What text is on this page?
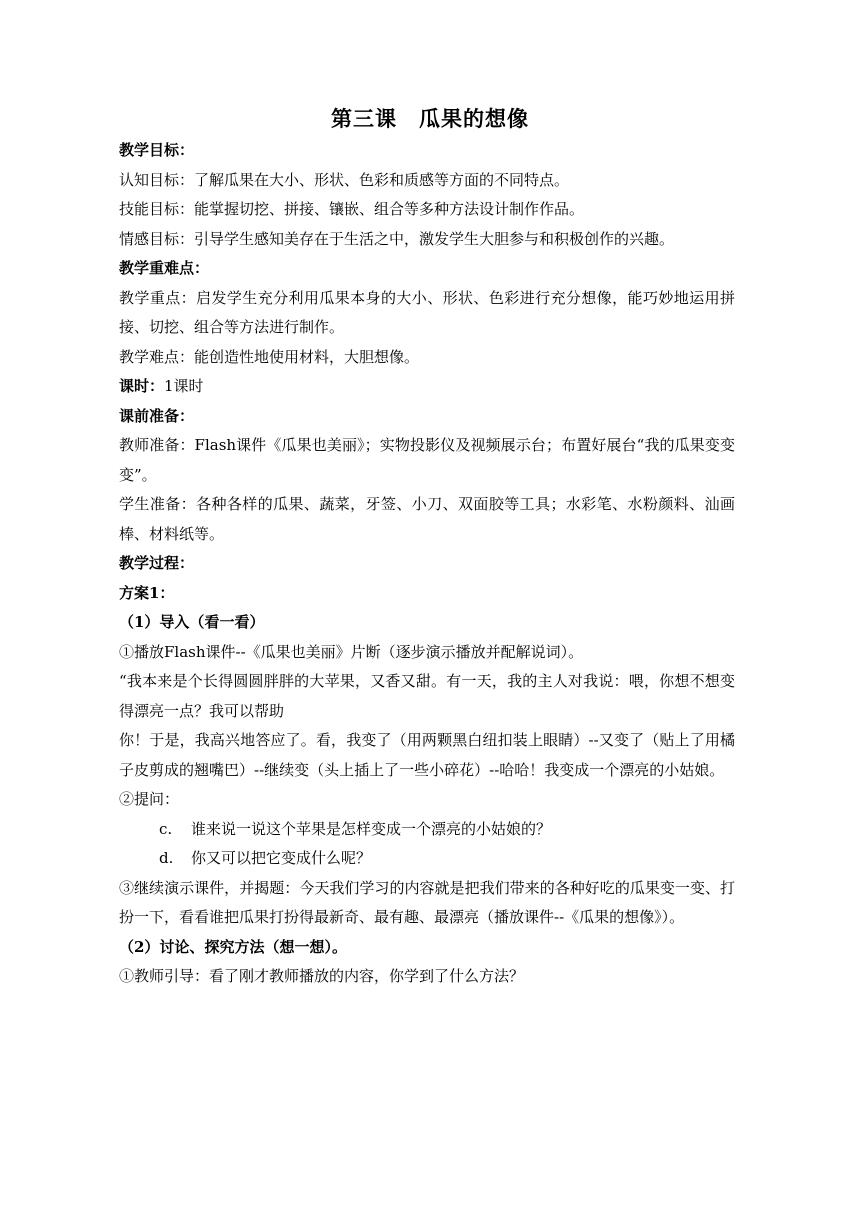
第三课　瓜果的想像

教学目标：

认知目标：了解瓜果在大小、形状、色彩和质感等方面的不同特点。

技能目标：能掌握切挖、拼接、镶嵌、组合等多种方法设计制作作品。

情感目标：引导学生感知美存在于生活之中，激发学生大胆参与和积极创作的兴趣。

教学重难点：

教学重点：启发学生充分利用瓜果本身的大小、形状、色彩进行充分想像，能巧妙地运用拼接、切挖、组合等方法进行制作。

教学难点：能创造性地使用材料，大胆想像。

课时：1课时

课前准备：

教师准备：Flash课件《瓜果也美丽》；实物投影仪及视频展示台；布置好展台“我的瓜果变变变”。

学生准备：各种各样的瓜果、蔬菜，牙签、小刀、双面胶等工具；水彩笔、水粉颜料、汕画棒、材料纸等。

教学过程：

方案1：

（1）导入（看一看）

①播放Flash课件--《瓜果也美丽》片断（逐步演示播放并配解说词）。

“我本来是个长得圆圆胖胖的大苹果，又香又甜。有一天，我的主人对我说：喂，你想不想变得漂亮一点？我可以帮助

你！于是，我高兴地答应了。看，我变了（用两颗黑白纽扣装上眼睛）--又变了（贴上了用橘子皮剪成的翘嘴巴）--继续变（头上插上了一些小碎花）--哈哈！我变成一个漂亮的小姑娘。

②提问：

c. 谁来说一说这个苹果是怎样变成一个漂亮的小姑娘的？

d. 你又可以把它变成什么呢？

③继续演示课件，并揭题：今天我们学习的内容就是把我们带来的各种好吃的瓜果变一变、打扮一下，看看谁把瓜果打扮得最新奇、最有趣、最漂亮（播放课件--《瓜果的想像》）。

（2）讨论、探究方法（想一想）。

①教师引导：看了刚才教师播放的内容，你学到了什么方法？
